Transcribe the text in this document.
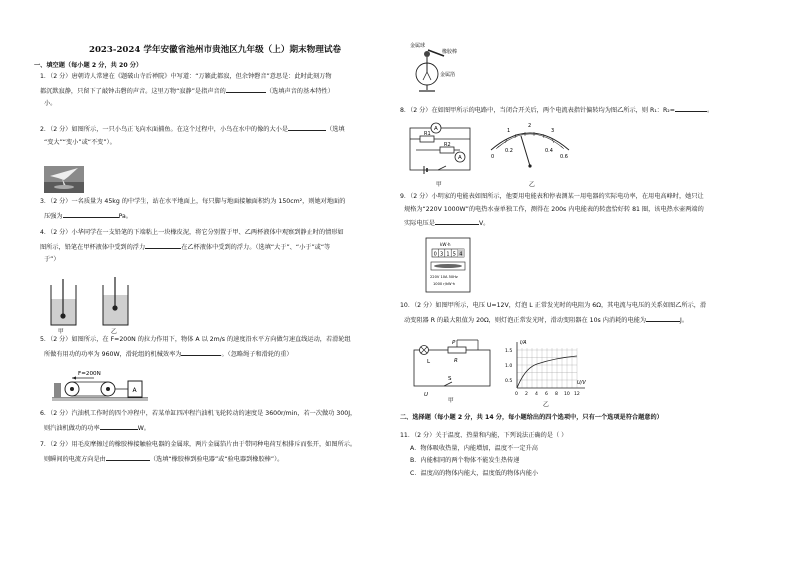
2023-2024 学年安徽省池州市贵池区九年级（上）期末物理试卷
一、填空题（每小题 2 分，共 20 分）
1．（2 分）唐朝诗人常建在《题破山寺后禅院》中写道：“万籁此都寂，但余钟磬音”意思是：此时此刻万物
都沉默寂静，只留下了敲钟击磬的声音。这里万物“寂静”是指声音的	（选填声音的基本特性）
小。
2．（2 分）如图所示，一只小鸟正飞向水面捕鱼。在这个过程中，小鸟在水中的像的大小是	（选填
“变大”“变小”或“不变”）。
3．（2 分）一名质量为 45kg 的中学生，站在水平地面上，每只脚与地面接触面积约为 150cm²，则她对地面的
压强为	Pa。
4．（2 分）小华同学在一支铅笔的下端粘上一块橡皮泥，将它分别置于甲、乙两杯液体中观察到静止时的情形如
图所示，铅笔在甲杯液体中受到的浮力	在乙杯液体中受到的浮力。（选填“大于”、“小于”或“等
于”）
甲	乙
5．（2 分）如图所示，在 F=200N 的拉力作用下，物体 A 以 2m/s 的速度沿水平方向做匀速直线运动，若滑轮组
所做有用功的功率为 960W，滑轮组的机械效率为	。（忽略绳子和滑轮的重）
F=200N
A
6．（2 分）汽油机工作时的四个冲程中，若某单缸四冲程汽油机飞轮转动的速度是 3600r/min，若一次做功 300J，
则汽油机做功的功率	W。
7．（2 分）用毛皮摩擦过的橡胶棒接触验电器的金属球，两片金属箔片由于带同种电荷互相排斥而张开，如图所示。
则瞬间的电流方向是由	（选填“橡胶棒到验电器”或“验电器到橡胶棒”）。
金属球
橡胶棒
金属箔
8．（2 分）在如图甲所示的电路中，当闭合开关后，两个电流表指针偏转均为图乙所示，则 R₁：R₂=	。
A
R1
R2
A
甲
1
2
3
0
0.2	0.4
0.6
乙
9．（2 分）小明家的电能表如图所示，他要用电能表和停表测某一用电器的实际电功率，在用电高峰时，她只让
规格为“220V 1000W”的电热水壶单独工作，测得在 200s 内电能表的转盘恰好转 81 圈，该电热水壶两端的
实际电压是	V。
kW·h
0 3 1 5 4
220V 10A 50Hz
1000 r/kW·h
10．（2 分）如图甲所示，电压 U=12V，灯泡 L 正常发光时的电阻为 6Ω，其电流与电压的关系如图乙所示，滑
动变阻器 R 的最大阻值为 20Ω，则灯泡正常发光时，滑动变阻器在 10s 内消耗的电能为	J。
L	R
P
S
U
甲
I/A
U/V
1.5
1.0
0.5
0 2 4 6 8 10 12
乙
二、选择题（每小题 2 分，共 14 分，每小题给出的四个选项中，只有一个选项是符合题意的）
11．（2 分）关于温度、热量和内能，下列说法正确的是（ ）
A．物体吸收热量，内能增加，温度不一定升高
B．内能相同的两个物体不能发生热传递
C．温度高的物体内能大，温度低的物体内能小
